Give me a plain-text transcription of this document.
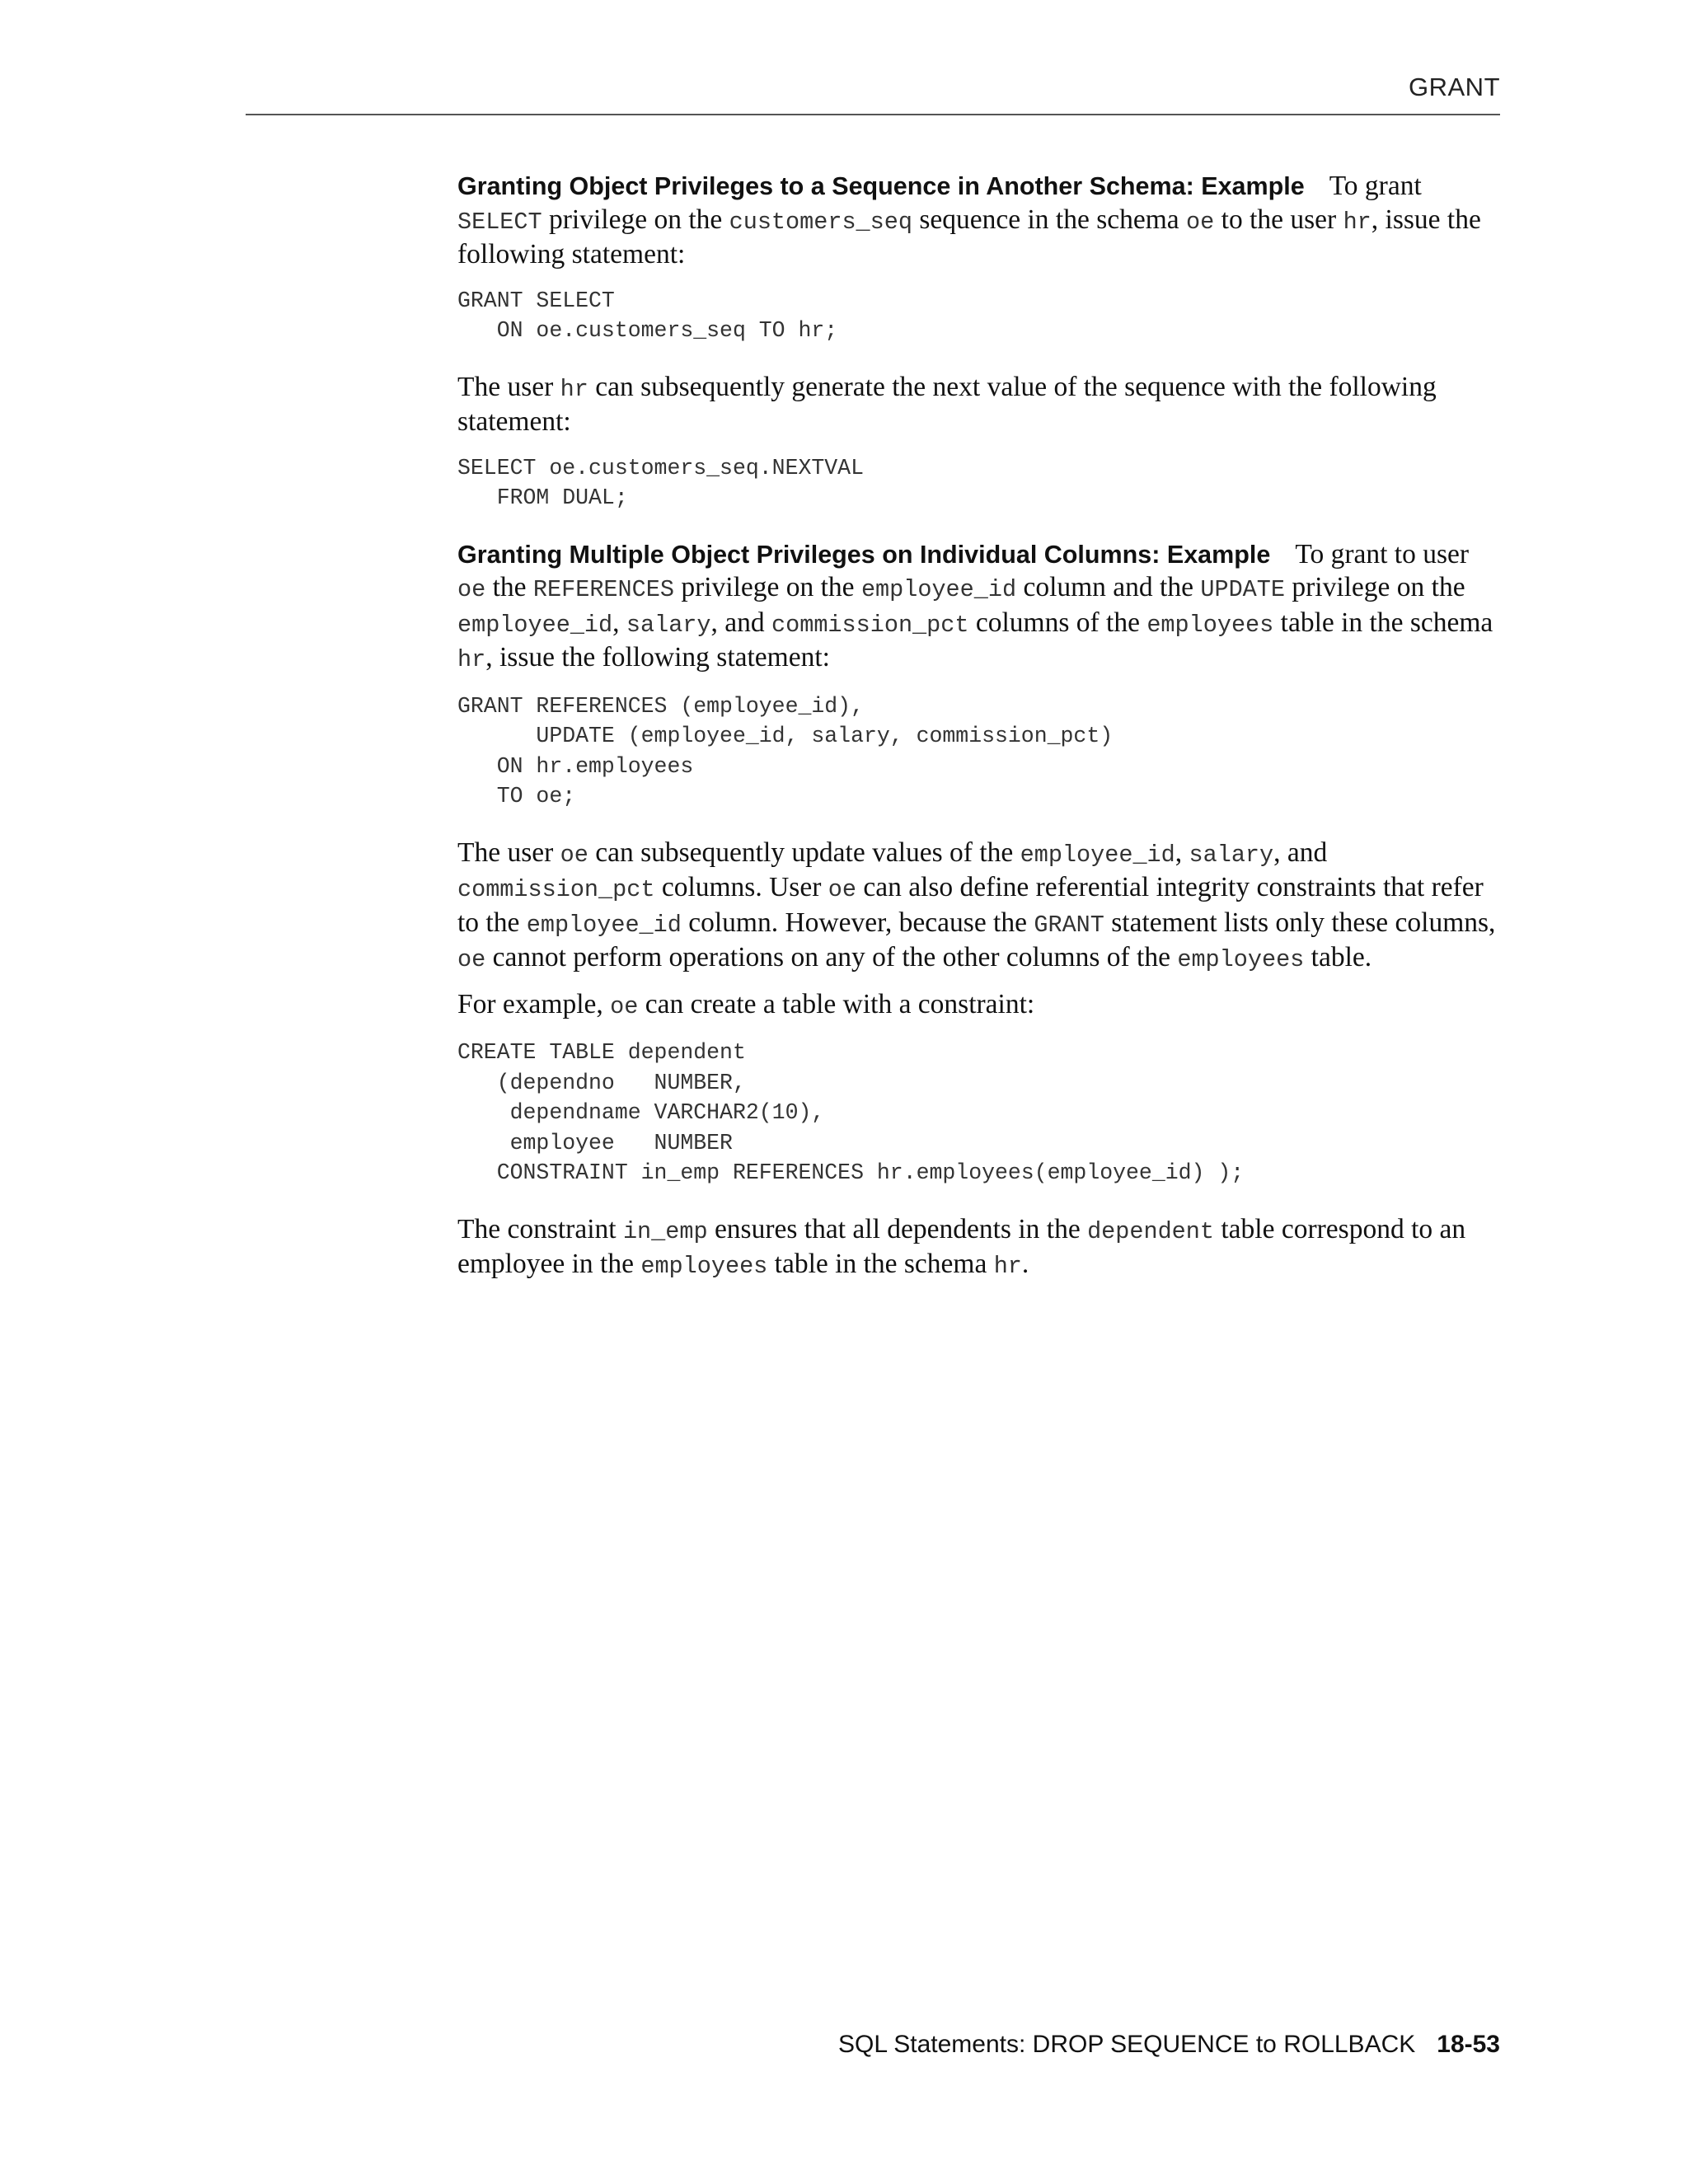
GRANT

Granting Object Privileges to a Sequence in Another Schema: Example To grant SELECT privilege on the customers_seq sequence in the schema oe to the user hr, issue the following statement:

GRANT SELECT
ON oe.customers_seq TO hr;

The user hr can subsequently generate the next value of the sequence with the following statement:

SELECT oe.customers_seq.NEXTVAL
FROM DUAL;

Granting Multiple Object Privileges on Individual Columns: Example To grant to user oe the REFERENCES privilege on the employee_id column and the UPDATE privilege on the employee_id, salary, and commission_pct columns of the employees table in the schema hr, issue the following statement:

GRANT REFERENCES (employee_id),
UPDATE (employee_id, salary, commission_pct)
ON hr.employees
TO oe;

The user oe can subsequently update values of the employee_id, salary, and commission_pct columns. User oe can also define referential integrity constraints that refer to the employee_id column. However, because the GRANT statement lists only these columns, oe cannot perform operations on any of the other columns of the employees table.

For example, oe can create a table with a constraint:

CREATE TABLE dependent
(dependno   NUMBER,
dependname VARCHAR2(10),
employee   NUMBER
CONSTRAINT in_emp REFERENCES hr.employees(employee_id) );

The constraint in_emp ensures that all dependents in the dependent table correspond to an employee in the employees table in the schema hr.

SQL Statements: DROP SEQUENCE to ROLLBACK 18-53
